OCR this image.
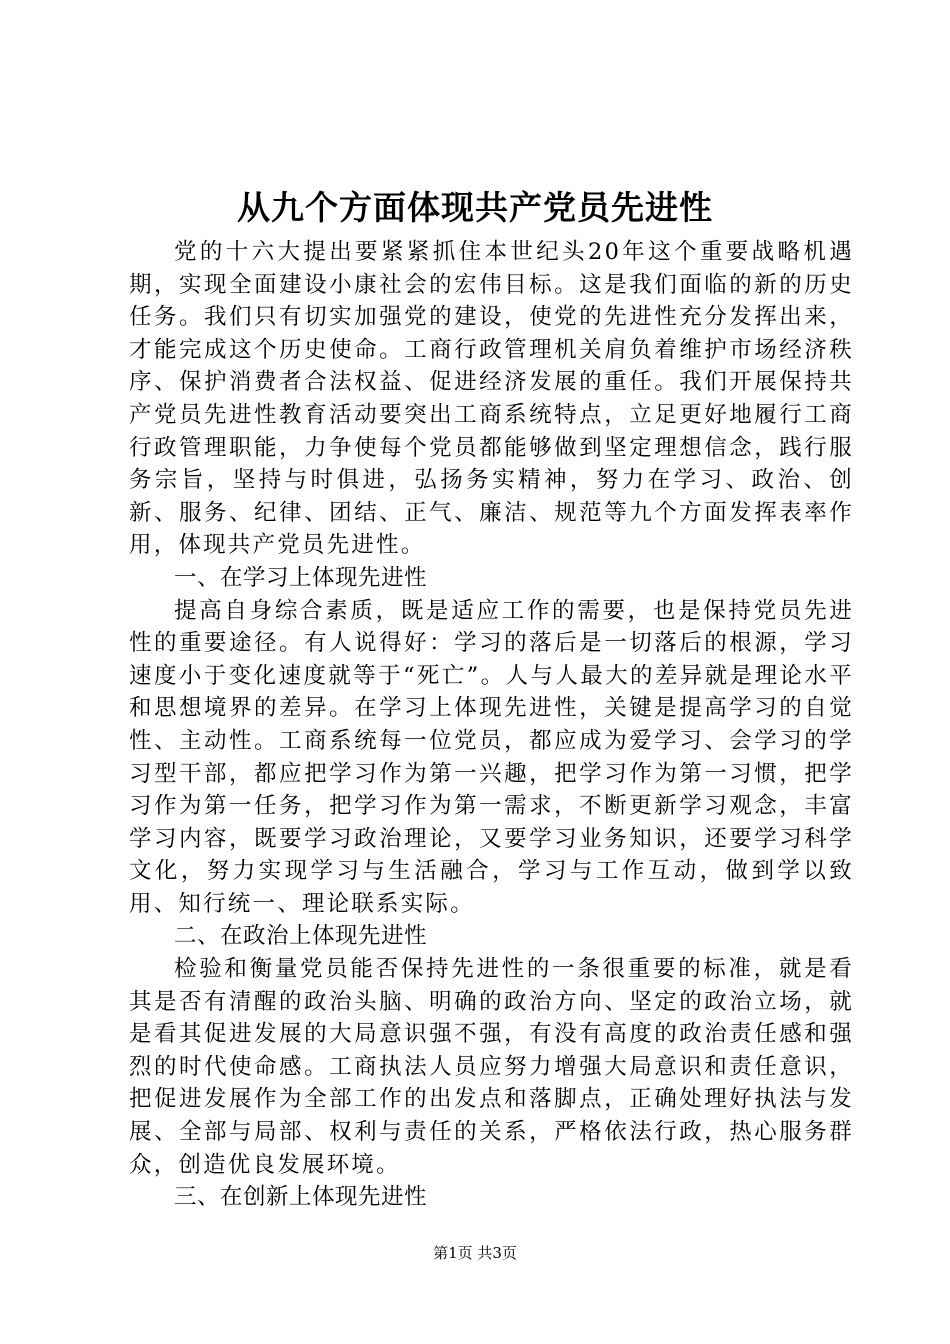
从九个方面体现共产党员先进性

党的十六大提出要紧紧抓住本世纪头20年这个重要战略机遇期，实现全面建设小康社会的宏伟目标。这是我们面临的新的历史任务。我们只有切实加强党的建设，使党的先进性充分发挥出来，才能完成这个历史使命。工商行政管理机关肩负着维护市场经济秩序、保护消费者合法权益、促进经济发展的重任。我们开展保持共产党员先进性教育活动要突出工商系统特点，立足更好地履行工商行政管理职能，力争使每个党员都能够做到坚定理想信念，践行服务宗旨，坚持与时俱进，弘扬务实精神，努力在学习、政治、创新、服务、纪律、团结、正气、廉洁、规范等九个方面发挥表率作用，体现共产党员先进性。

一、在学习上体现先进性

提高自身综合素质，既是适应工作的需要，也是保持党员先进性的重要途径。有人说得好：学习的落后是一切落后的根源，学习速度小于变化速度就等于“死亡”。人与人最大的差异就是理论水平和思想境界的差异。在学习上体现先进性，关键是提高学习的自觉性、主动性。工商系统每一位党员，都应成为爱学习、会学习的学习型干部，都应把学习作为第一兴趣，把学习作为第一习惯，把学习作为第一任务，把学习作为第一需求，不断更新学习观念，丰富学习内容，既要学习政治理论，又要学习业务知识，还要学习科学文化，努力实现学习与生活融合，学习与工作互动，做到学以致用、知行统一、理论联系实际。

二、在政治上体现先进性

检验和衡量党员能否保持先进性的一条很重要的标准，就是看其是否有清醒的政治头脑、明确的政治方向、坚定的政治立场，就是看其促进发展的大局意识强不强，有没有高度的政治责任感和强烈的时代使命感。工商执法人员应努力增强大局意识和责任意识，把促进发展作为全部工作的出发点和落脚点，正确处理好执法与发展、全部与局部、权利与责任的关系，严格依法行政，热心服务群众，创造优良发展环境。

三、在创新上体现先进性
第1页 共3页
